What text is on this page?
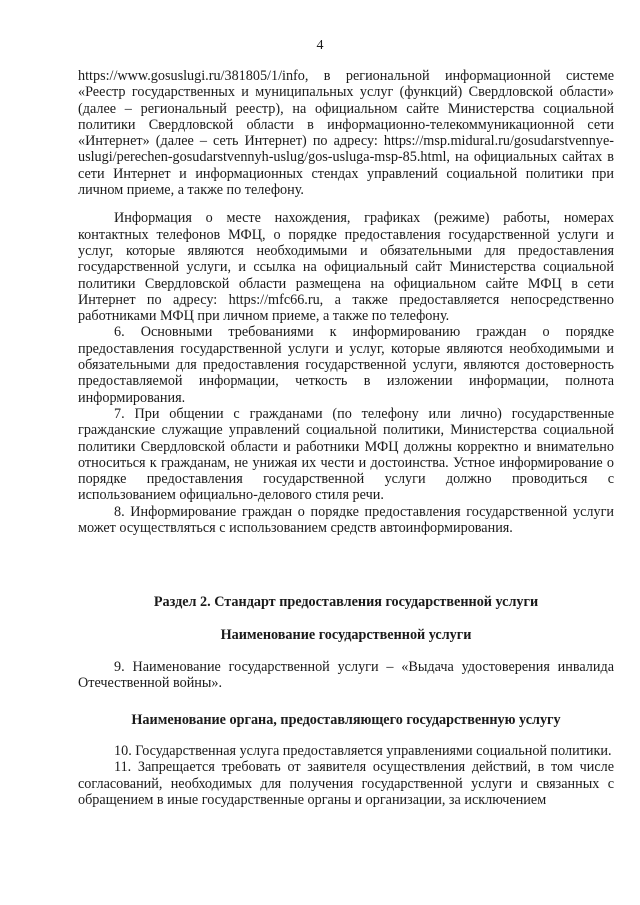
4

https://www.gosuslugi.ru/381805/1/info, в региональной информационной системе «Реестр государственных и муниципальных услуг (функций) Свердловской области» (далее – региональный реестр), на официальном сайте Министерства социальной политики Свердловской области в информационно-телекоммуникационной сети «Интернет» (далее – сеть Интернет) по адресу: https://msp.midural.ru/gosudarstvennye-uslugi/perechen-gosudarstvennyh-uslug/gos-usluga-msp-85.html, на официальных сайтах в сети Интернет и информационных стендах управлений социальной политики при личном приеме, а также по телефону.

Информация о месте нахождения, графиках (режиме) работы, номерах контактных телефонов МФЦ, о порядке предоставления государственной услуги и услуг, которые являются необходимыми и обязательными для предоставления государственной услуги, и ссылка на официальный сайт Министерства социальной политики Свердловской области размещена на официальном сайте МФЦ в сети Интернет по адресу: https://mfc66.ru, а также предоставляется непосредственно работниками МФЦ при личном приеме, а также по телефону.

6. Основными требованиями к информированию граждан о порядке предоставления государственной услуги и услуг, которые являются необходимыми и обязательными для предоставления государственной услуги, являются достоверность предоставляемой информации, четкость в изложении информации, полнота информирования.

7. При общении с гражданами (по телефону или лично) государственные гражданские служащие управлений социальной политики, Министерства социальной политики Свердловской области и работники МФЦ должны корректно и внимательно относиться к гражданам, не унижая их чести и достоинства. Устное информирование о порядке предоставления государственной услуги должно проводиться с использованием официально-делового стиля речи.

8. Информирование граждан о порядке предоставления государственной услуги может осуществляться с использованием средств автоинформирования.

Раздел 2. Стандарт предоставления государственной услуги
Наименование государственной услуги

9. Наименование государственной услуги – «Выдача удостоверения инвалида Отечественной войны».

Наименование органа, предоставляющего государственную услугу

10. Государственная услуга предоставляется управлениями социальной политики.

11. Запрещается требовать от заявителя осуществления действий, в том числе согласований, необходимых для получения государственной услуги и связанных с обращением в иные государственные органы и организации, за исключением
